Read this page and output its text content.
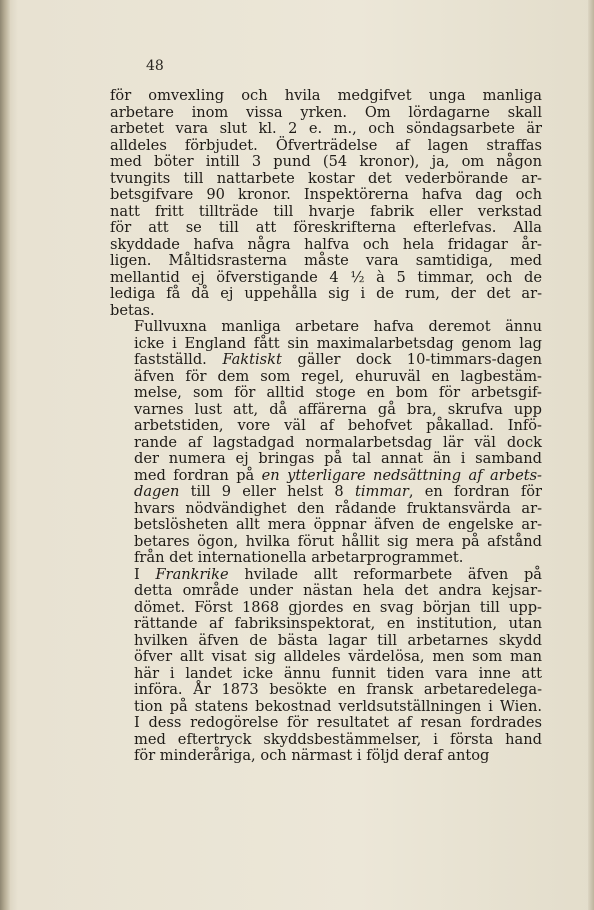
48

för omvexling och hvila medgifvet unga manliga
arbetare inom vissa yrken. Om lördagarne skall
arbetet vara slut kl. 2 e. m., och söndagsarbete är
alldeles förbjudet. Öfverträdelse af lagen straffas
med böter intill 3 pund (54 kronor), ja, om någon
tvungits till nattarbete kostar det vederbörande ar-
betsgifvare 90 kronor. Inspektörerna hafva dag och
natt fritt tillträde till hvarje fabrik eller verkstad
för att se till att föreskrifterna efterlefvas. Alla
skyddade hafva några halfva och hela fridagar år-
ligen. Måltidsrasterna måste vara samtidiga, med
mellantid ej öfverstigande 4 ½ à 5 timmar, och de
lediga få då ej uppehålla sig i de rum, der det ar-
betas.

Fullvuxna manliga arbetare hafva deremot ännu
icke i England fått sin maximalarbetsdag genom lag
fastställd. Faktiskt gäller dock 10-timmars-dagen
äfven för dem som regel, ehuruväl en lagbestäm-
melse, som för alltid stoge en bom för arbetsgif-
varnes lust att, då affärerna gå bra, skrufva upp
arbetstiden, vore väl af behofvet påkallad. Infö-
rande af lagstadgad normalarbetsdag lär väl dock
der numera ej bringas på tal annat än i samband
med fordran på en ytterligare nedsättning af arbets-
dagen till 9 eller helst 8 timmar, en fordran för
hvars nödvändighet den rådande fruktansvärda ar-
betslösheten allt mera öppnar äfven de engelske ar-
betares ögon, hvilka förut hållit sig mera på afstånd
från det internationella arbetarprogrammet.

I Frankrike hvilade allt reformarbete äfven på
detta område under nästan hela det andra kejsar-
dömet. Först 1868 gjordes en svag början till upp-
rättande af fabriksinspektorat, en institution, utan
hvilken äfven de bästa lagar till arbetarnes skydd
öfver allt visat sig alldeles värdelösa, men som man
här i landet icke ännu funnit tiden vara inne att
införa. År 1873 besökte en fransk arbetaredelega-
tion på statens bekostnad verldsutställningen i Wien.
I dess redogörelse för resultatet af resan fordrades
med eftertryck skyddsbestämmelser, i första hand
för minderåriga, och närmast i följd deraf antog
